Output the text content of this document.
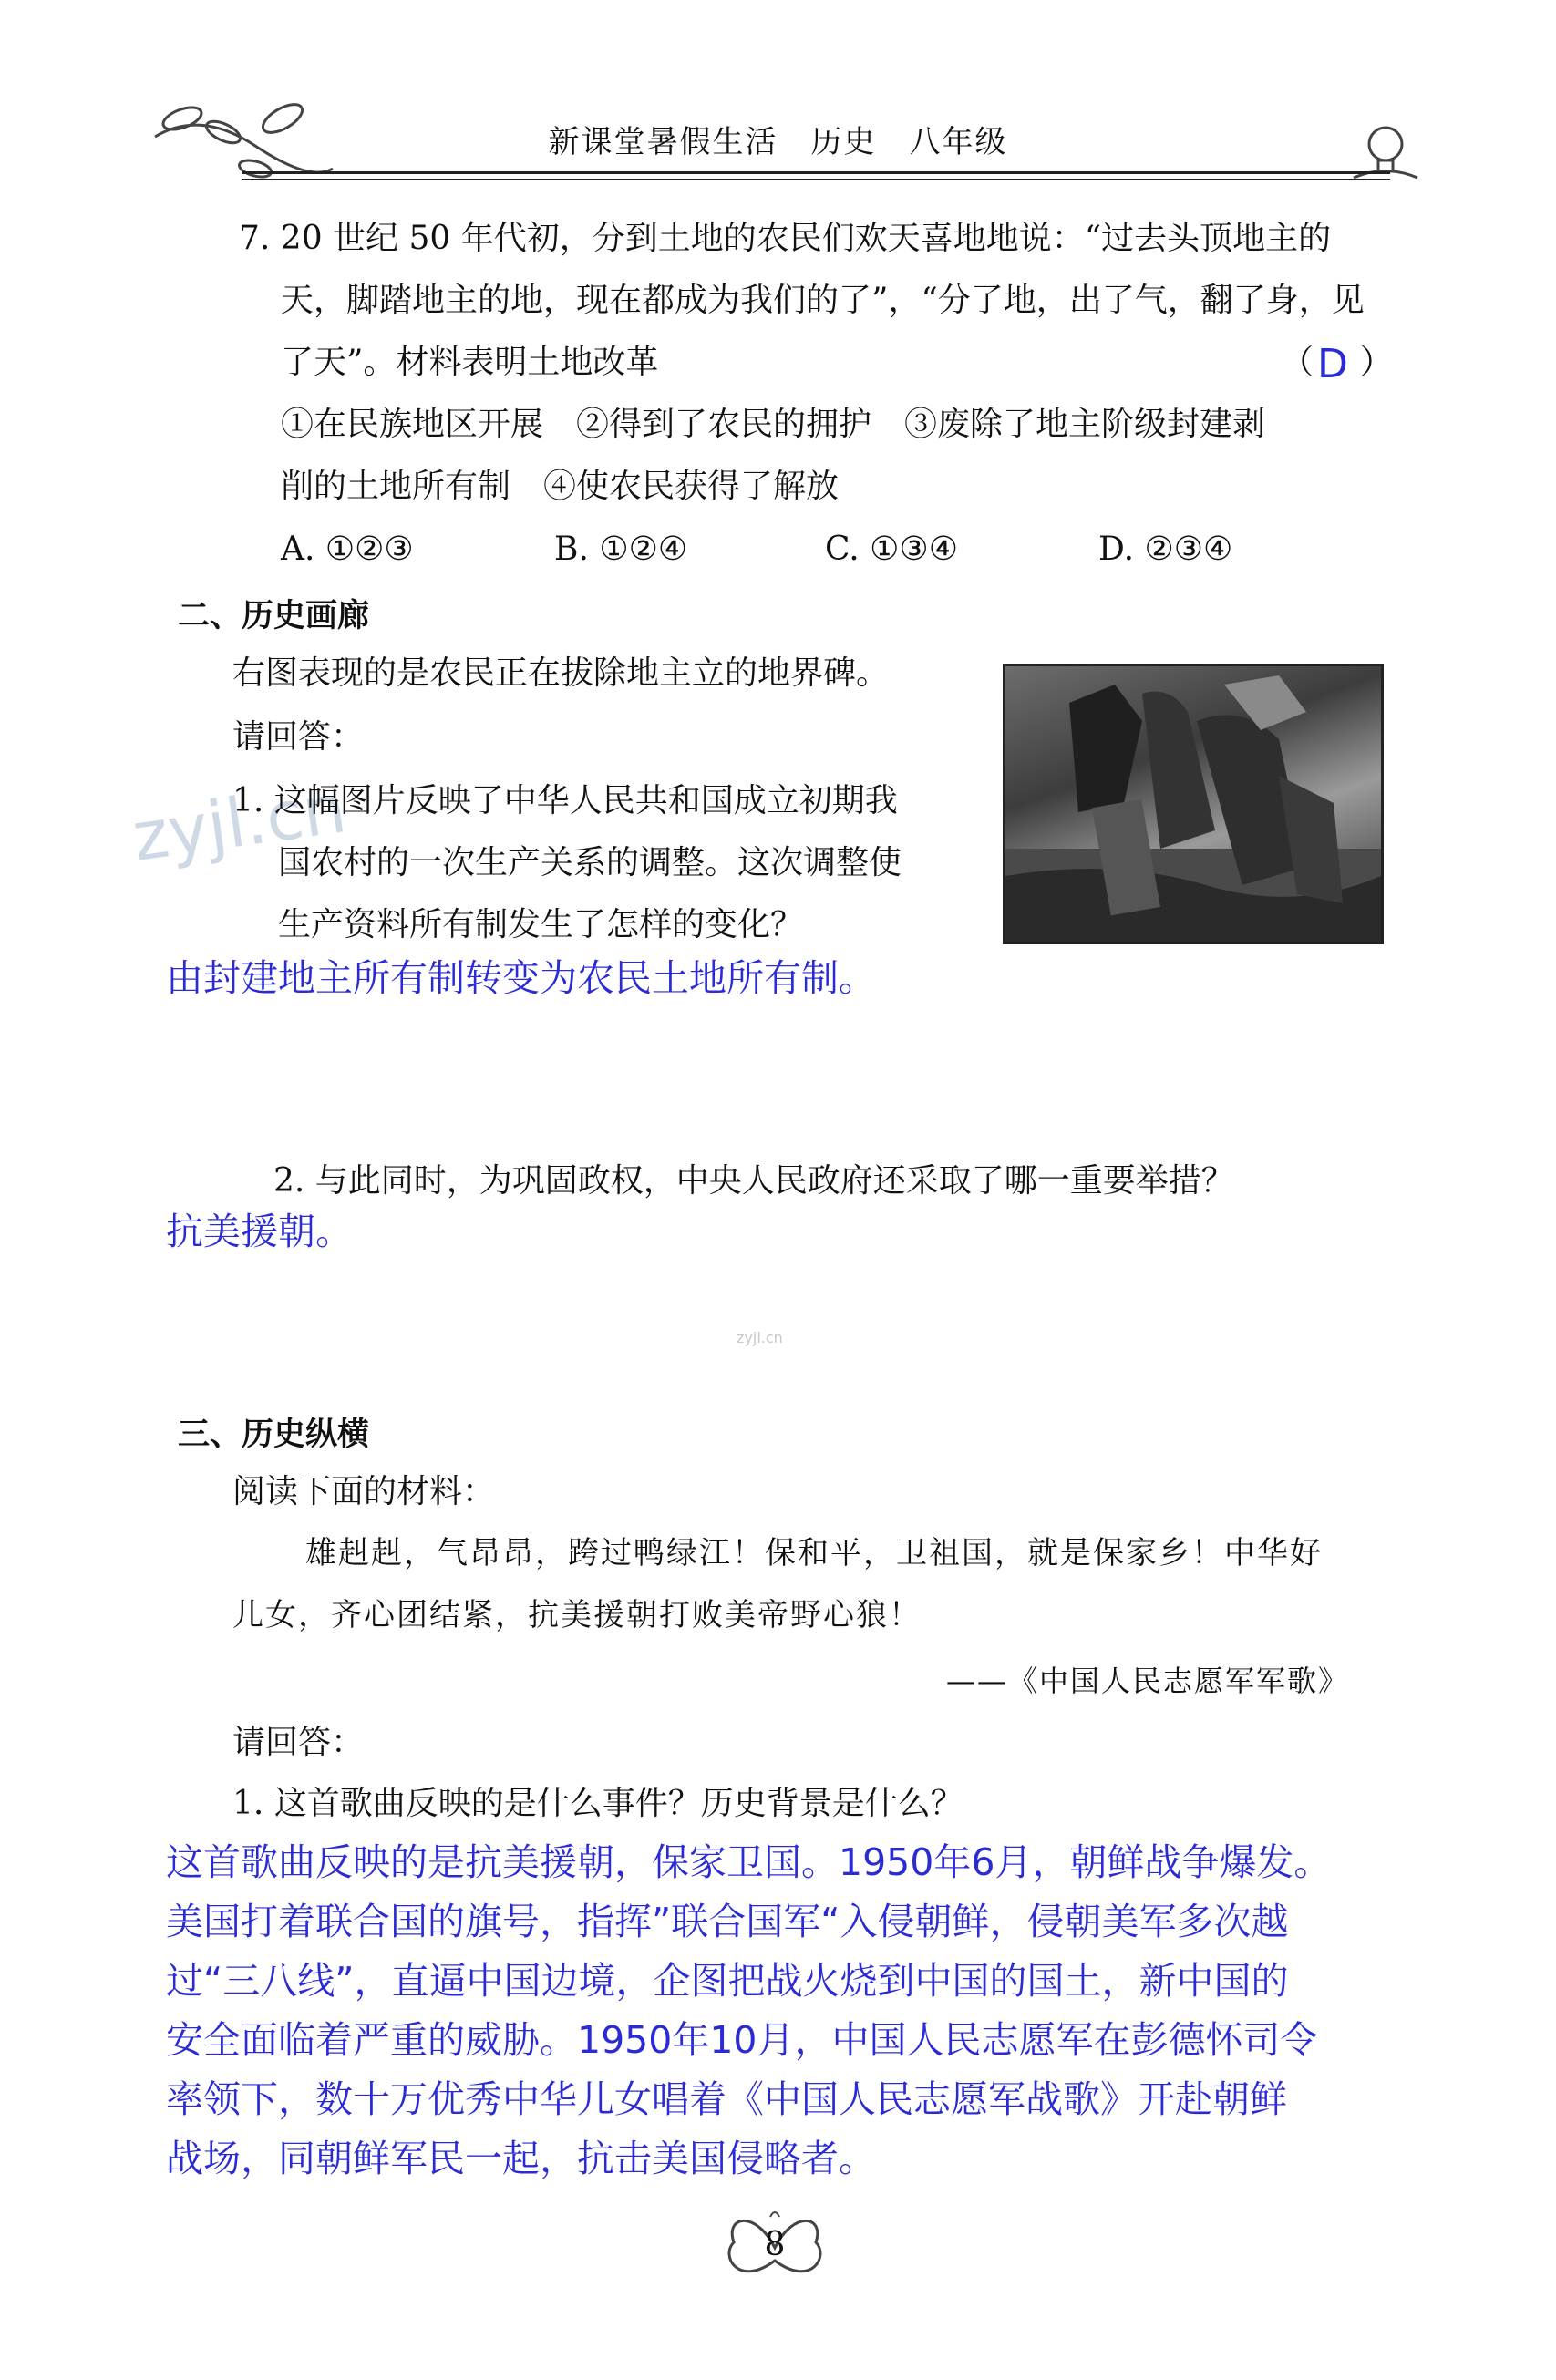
新课堂暑假生活　历史　八年级
7. 20 世纪 50 年代初，分到土地的农民们欢天喜地地说：“过去头顶地主的
天，脚踏地主的地，现在都成为我们的了”，“分了地，出了气，翻了身，见
了天”。材料表明土地改革	（ D ）
①在民族地区开展　②得到了农民的拥护　③废除了地主阶级封建剥
削的土地所有制　④使农民获得了解放
A. ①②③	B. ①②④	C. ①③④	D. ②③④
二、历史画廊
右图表现的是农民正在拔除地主立的地界碑。
请回答：
zyjl.cn
1. 这幅图片反映了中华人民共和国成立初期我
国农村的一次生产关系的调整。这次调整使
生产资料所有制发生了怎样的变化？
由封建地主所有制转变为农民土地所有制。
2. 与此同时，为巩固政权，中央人民政府还采取了哪一重要举措？
抗美援朝。
zyjl.cn
三、历史纵横
阅读下面的材料：
雄赳赳，气昂昂，跨过鸭绿江！保和平，卫祖国，就是保家乡！中华好
儿女，齐心团结紧，抗美援朝打败美帝野心狼！
——《中国人民志愿军军歌》
请回答：
1. 这首歌曲反映的是什么事件？历史背景是什么？
这首歌曲反映的是抗美援朝，保家卫国。1950年6月，朝鲜战争爆发。
美国打着联合国的旗号，指挥”联合国军“入侵朝鲜，侵朝美军多次越
过“三八线”，直逼中国边境，企图把战火烧到中国的国土，新中国的
安全面临着严重的威胁。1950年10月，中国人民志愿军在彭德怀司令
率领下，数十万优秀中华儿女唱着《中国人民志愿军战歌》开赴朝鲜
战场，同朝鲜军民一起，抗击美国侵略者。
8
